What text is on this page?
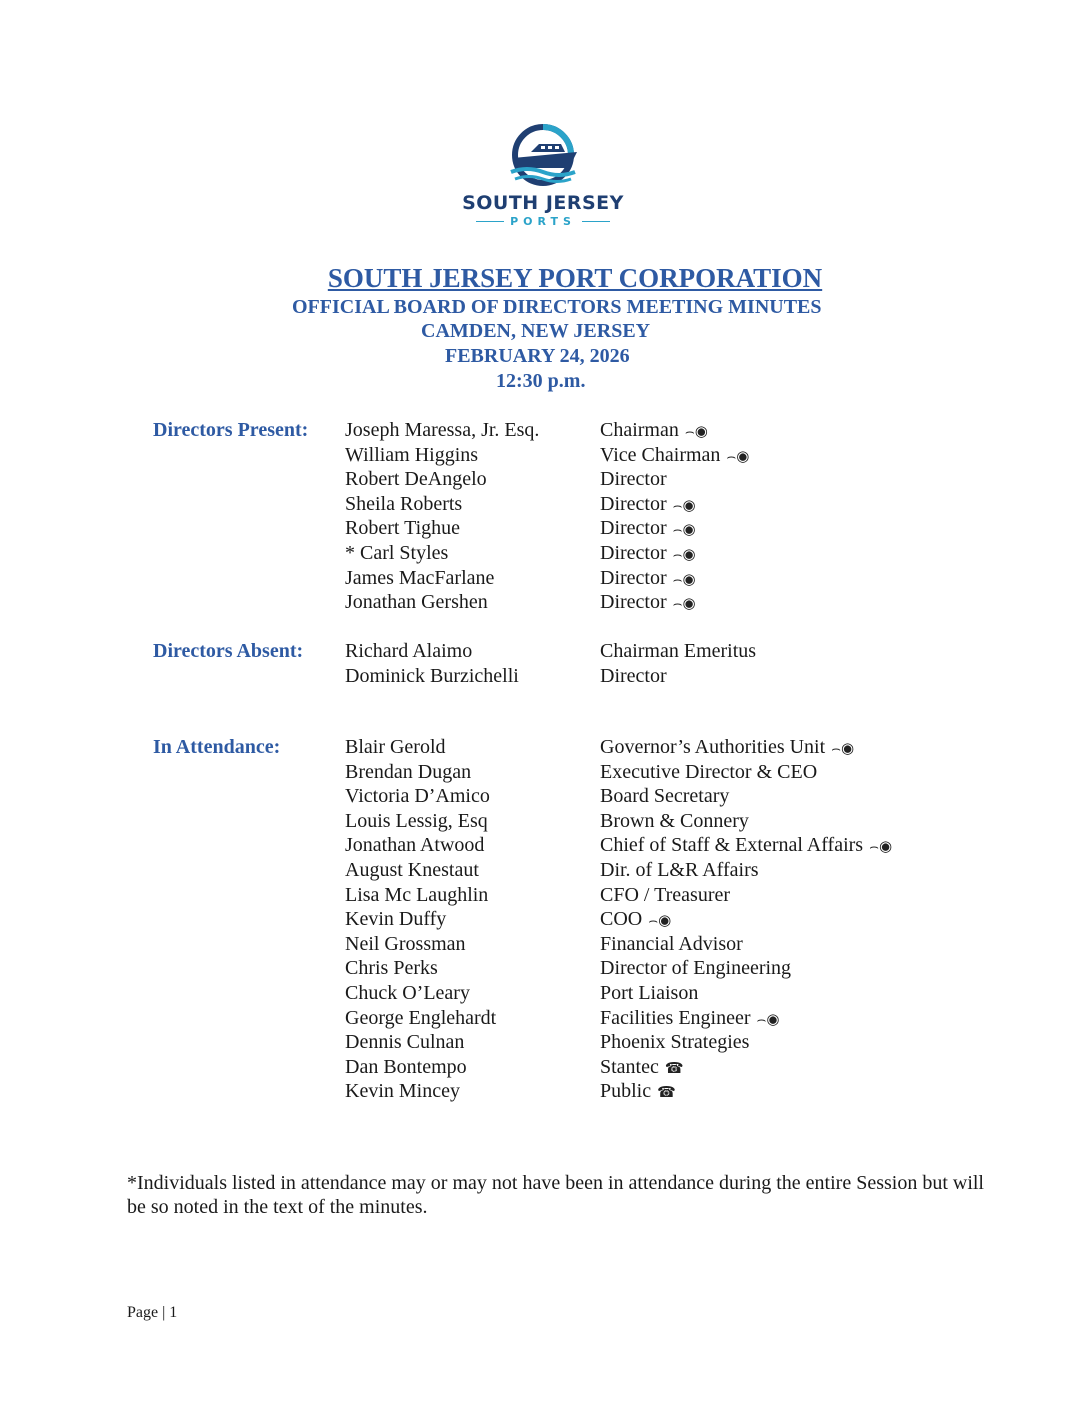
SOUTH JERSEY
PORTS
SOUTH JERSEY PORT CORPORATION
OFFICIAL BOARD OF DIRECTORS MEETING MINUTES
CAMDEN, NEW JERSEY
FEBRUARY 24, 2026
12:30 p.m.
Directors Present: Joseph Maressa, Jr. Esq.	Chairman ⌢◉
William Higgins	Vice Chairman ⌢◉
Robert DeAngelo	Director
Sheila Roberts	Director ⌢◉
Robert Tighue	Director ⌢◉
* Carl Styles	Director ⌢◉
James MacFarlane	Director ⌢◉
Jonathan Gershen	Director ⌢◉
Directors Absent: Richard Alaimo	Chairman Emeritus
Dominick Burzichelli	Director
In Attendance:	Blair Gerold	Governor’s Authorities Unit ⌢◉
Brendan Dugan	Executive Director & CEO
Victoria D’Amico	Board Secretary
Louis Lessig, Esq	Brown & Connery
Jonathan Atwood	Chief of Staff & External Affairs ⌢◉
August Knestaut	Dir. of L&R Affairs
Lisa Mc Laughlin	CFO / Treasurer
Kevin Duffy	COO ⌢◉
Neil Grossman	Financial Advisor
Chris Perks	Director of Engineering
Chuck O’Leary	Port Liaison
George Englehardt	Facilities Engineer ⌢◉
Dennis Culnan	Phoenix Strategies
Dan Bontempo	Stantec ☎
Kevin Mincey	Public ☎
*Individuals listed in attendance may or may not have been in attendance during the entire Session but will be so noted in the text of the minutes.
Page | 1
